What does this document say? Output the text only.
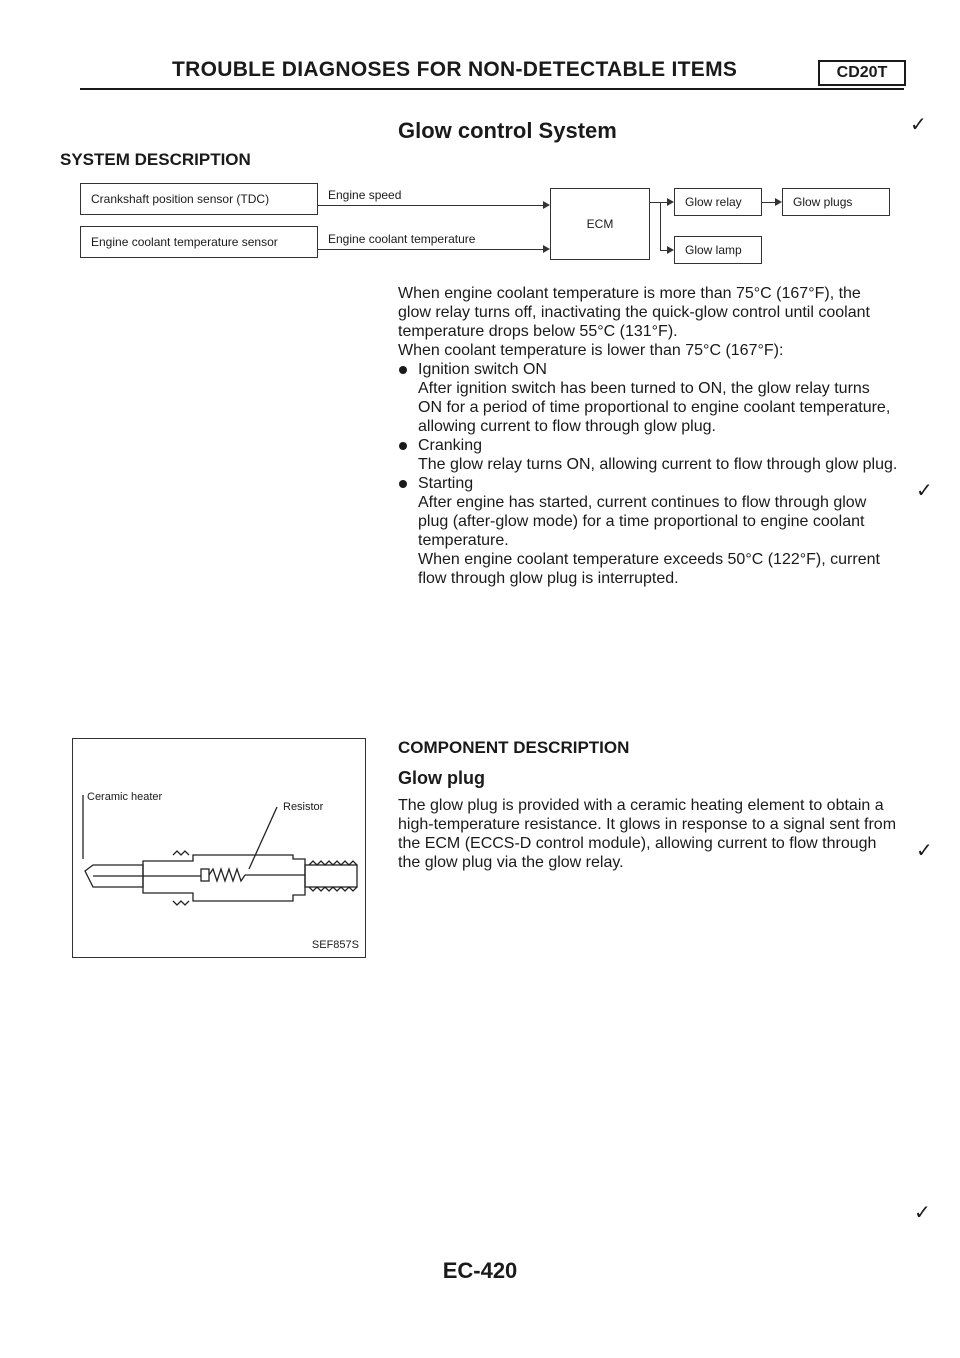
TROUBLE DIAGNOSES FOR NON-DETECTABLE ITEMS	CD20T
Glow control System	✓
SYSTEM DESCRIPTION
Crankshaft position sensor (TDC)
Engine coolant temperature sensor
Engine speed
Engine coolant temperature
ECM
Glow relay	Glow plugs
Glow lamp

When engine coolant temperature is more than 75°C (167°F), the glow relay turns off, inactivating the quick-glow control until coolant temperature drops below 55°C (131°F).

When coolant temperature is lower than 75°C (167°F):

Ignition switch ON

After ignition switch has been turned to ON, the glow relay turns ON for a period of time proportional to engine coolant temperature, allowing current to flow through glow plug.

Cranking

The glow relay turns ON, allowing current to flow through glow plug.

Starting

After engine has started, current continues to flow through glow plug (after-glow mode) for a time proportional to engine coolant temperature.

When engine coolant temperature exceeds 50°C (122°F), current flow through glow plug is interrupted.

✓
Ceramic heater
Resistor
SEF857S
COMPONENT DESCRIPTION
Glow plug
The glow plug is provided with a ceramic heating element to obtain a high-temperature resistance. It glows in response to a signal sent from the ECM (ECCS-D control module), allowing current to flow through the glow plug via the glow relay.
✓
✓
EC-420
